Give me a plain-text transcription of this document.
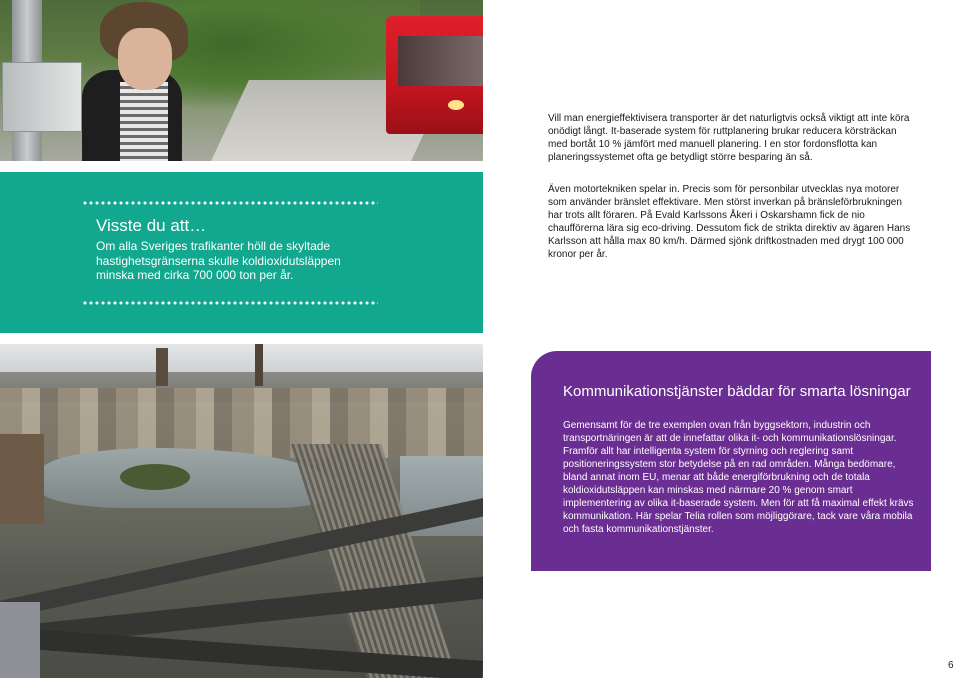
Visste du att…

Om alla Sveriges trafikanter höll de skyltade hastighetsgränserna skulle koldioxidutsläppen minska med cirka 700 000 ton per år.

Vill man energieffektivisera transporter är det naturligtvis också viktigt att inte köra onödigt långt. It-baserade system för ruttplanering brukar reducera körsträckan med bortåt 10 % jämfört med manuell planering. I en stor fordonsflotta kan planeringssystemet ofta ge betydligt större besparing än så.

Även motortekniken spelar in. Precis som för personbilar utvecklas nya motorer som använder bränslet effektivare. Men störst inverkan på bränsleförbrukningen har trots allt föraren. På Evald Karlssons Åkeri i Oskarshamn fick de nio chaufförerna lära sig eco-driving. Dessutom fick de strikta direktiv av ägaren Hans Karlsson att hålla max 80 km/h. Därmed sjönk driftkostnaden med drygt 100 000 kronor per år.

Kommunikationstjänster bäddar för smarta lösningar

Gemensamt för de tre exemplen ovan från byggsektorn, industrin och transportnäringen är att de innefattar olika it- och kommunikationslösningar. Framför allt har intelligenta system för styrning och reglering samt positioneringssystem stor betydelse på en rad områden. Många bedömare, bland annat inom EU, menar att både energiförbrukning och de totala koldioxidutsläppen kan minskas med närmare 20 % genom smart implementering av olika it-baserade system. Men för att få maximal effekt krävs kommunikation. Här spelar Telia rollen som möjliggörare, tack vare våra mobila och fasta kommunikationstjänster.

6
